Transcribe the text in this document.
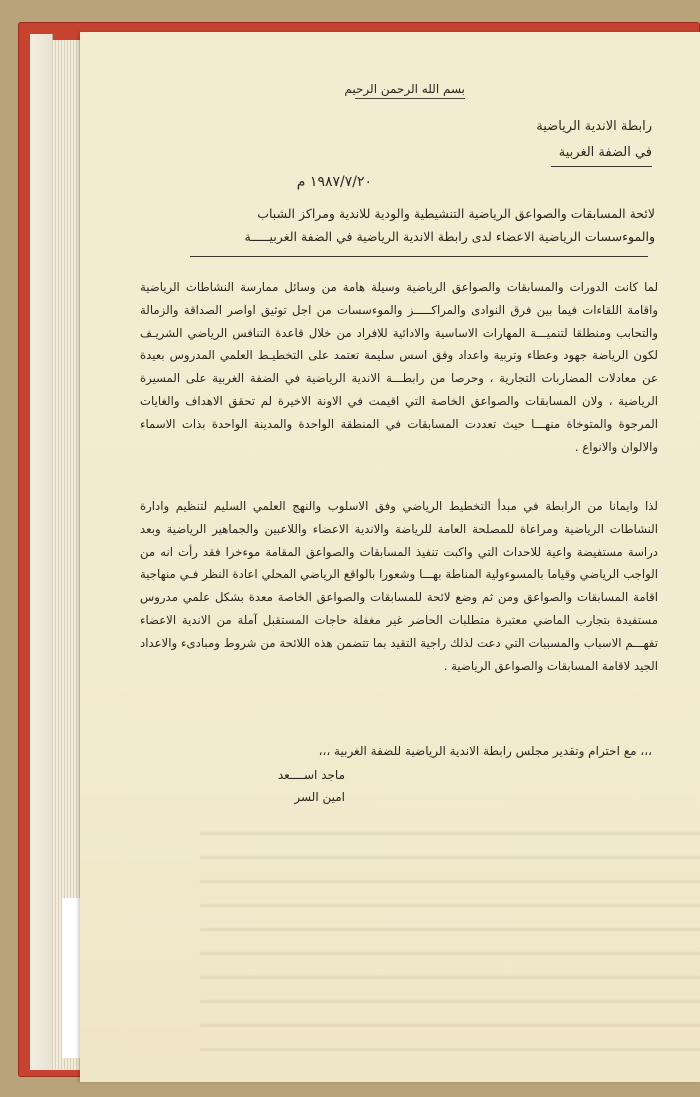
بسم الله الرحمن الرحيم
رابطة الاندية الرياضية
في الضفة الغربية
١٩٨٧/٧/٢٠ م
لائحة المسابقات والصواعق الرياضية التنشيطية والودية للاندية ومراكز الشباب
والموءسسات الرياضية الاعضاء لدى رابطة الاندية الرياضية في الضفة الغربيـــــة
لما كانت الدورات والمسابقات والصواعق الرياضية وسيلة هامة من وسائل ممارسة النشاطات الرياضية واقامة اللقاءات فيما بين فرق النوادى والمراكـــــز والموءسسات من اجل توثيق اواصر الصداقة والزمالة والتحابب ومنطلقا لتنميـــة المهارات الاساسية والادائية للافراد من خلال قاعدة التنافس الرياضي الشريـف لكون الرياضة جهود وعطاء وتربية واعداد وفق اسس سليمة تعتمد على التخطيـط العلمي المدروس بعيدة عن معادلات المضاربات التجارية ، وحرصا من رابطـــة الاندية الرياضية في الضفة الغربية على المسيرة الرياضية ، ولان المسابقات والصواعق الخاصة التي اقيمت في الاونة الاخيرة لم تحقق الاهداف والغايات المرجوة والمتوخاة منهـــا حيث تعددت المسابقات في المنطقة الواحدة والمدينة الواحدة بذات الاسماء والالوان والانواع .
لذا وايمانا من الرابطة في مبدأ التخطيط الرياضي وفق الاسلوب والنهج العلمي السليم لتنظيم وادارة النشاطات الرياضية ومراعاة للمصلحة العامة للرياضة والاندية الاعضاء واللاعبين والجماهير الرياضية وبعد دراسة مستفيضة واعية للاحداث التي واكبت تنفيذ المسابقات والصواعق المقامة موءخرا فقد رأت انه من الواجب الرياضي وقياما بالمسوءولية المناطة بهـــا وشعورا بالواقع الرياضي المحلي اعادة النظر فـي منهاجية اقامة المسابقات والصواعق ومن ثم وضع لائحة للمسابقات والصواعق الخاصة معدة بشكل علمي مدروس مستفيدة بتجارب الماضي معتبرة متطلبات الحاضر غير مغفلة حاجات المستقبل آملة من الاندية الاعضاء تفهـــم الاسباب والمسببات التي دعت لذلك راجية التقيد بما تتضمن هذه اللائحة من شروط ومبادىء والاعداد الجيد لاقامة المسابقات والصواعق الرياضية .
،،، مع احترام وتقدير مجلس رابطة الاندية الرياضية للضفة الغربية ،،،
ماجد اســــعد
امين السر
